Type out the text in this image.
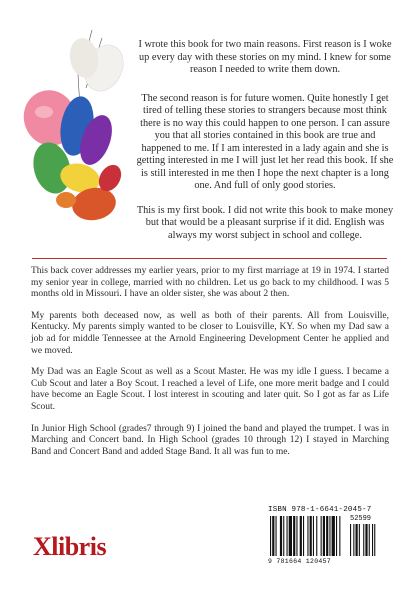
I wrote this book for two main reasons. First reason is I woke up every day with these stories on my mind. I knew for some reason I needed to write them down.

The second reason is for future women. Quite honestly I get tired of telling these stories to strangers because most think there is no way this could happen to one person. I can assure you that all stories contained in this book are true and happened to me. If I am interested in a lady again and she is getting interested in me I will just let her read this book. If she is still interested in me then I hope the next chapter is a long one. And full of only good stories.

This is my first book. I did not write this book to make money but that would be a pleasant surprise if it did. English was always my worst subject in school and college.

This back cover addresses my earlier years, prior to my first marriage at 19 in 1974. I started my senior year in college, married with no children. Let us go back to my childhood. I was 5 months old in Missouri. I have an older sister, she was about 2 then.

My parents both deceased now, as well as both of their parents. All from Louisville, Kentucky. My parents simply wanted to be closer to Louisville, KY. So when my Dad saw a job ad for middle Tennessee at the Arnold Engineering Development Center he applied and we moved.

My Dad was an Eagle Scout as well as a Scout Master. He was my idle I guess. I became a Cub Scout and later a Boy Scout. I reached a level of Life, one more merit badge and I could have become an Eagle Scout. I lost interest in scouting and later quit. So I got as far as Life Scout.

In Junior High School (grades7 through 9) I joined the band and played the trumpet. I was in Marching and Concert band. In High School (grades 10 through 12) I stayed in Marching Band and Concert Band and added Stage Band. It all was fun to me.

Xlibris
ISBN 978-1-6641-2045-7
52599
9 781664 120457
